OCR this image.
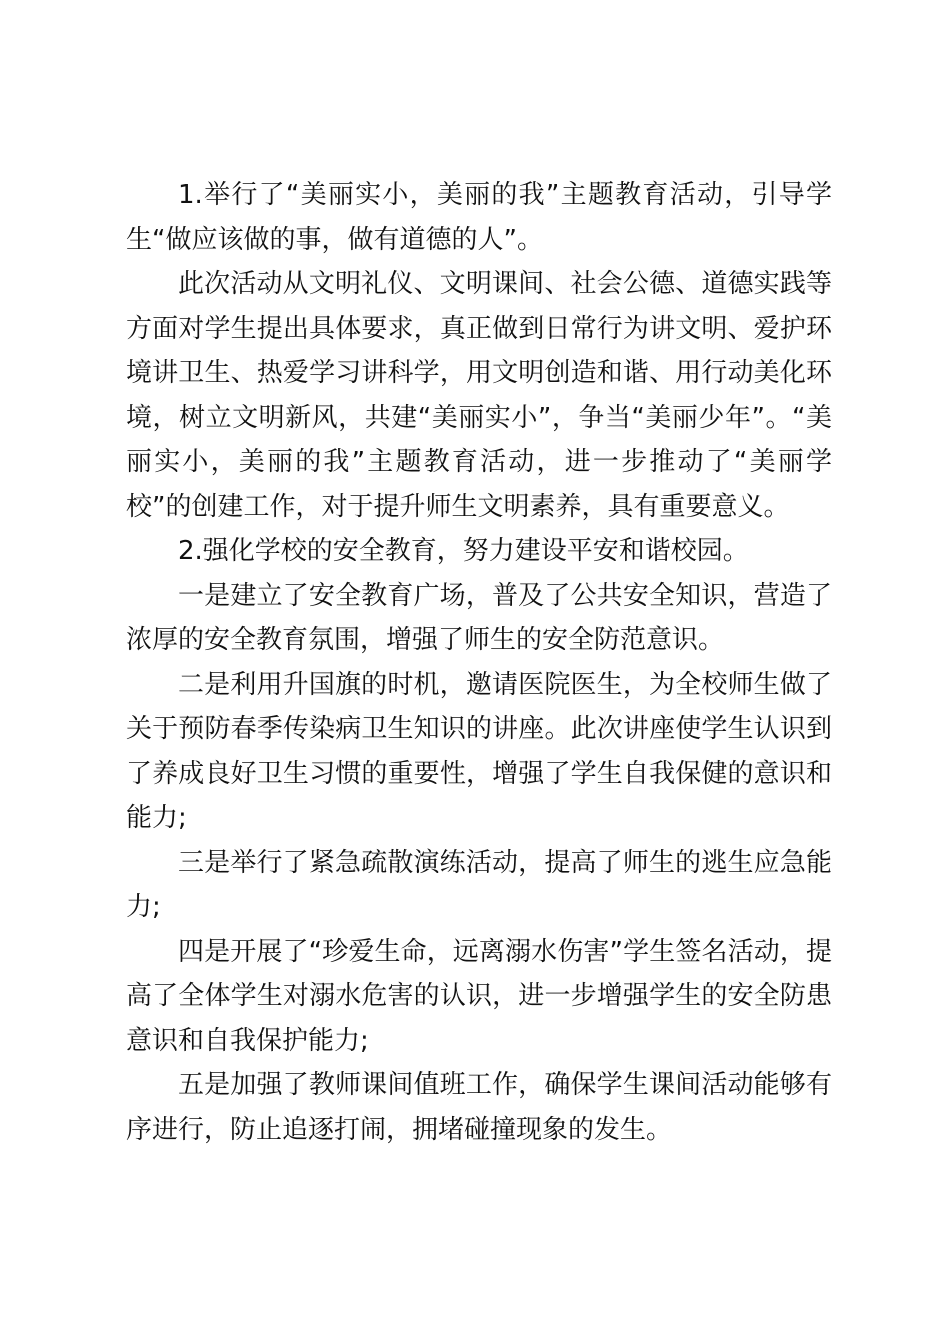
1.举行了“美丽实小，美丽的我”主题教育活动，引导学生“做应该做的事，做有道德的人”。

此次活动从文明礼仪、文明课间、社会公德、道德实践等方面对学生提出具体要求，真正做到日常行为讲文明、爱护环境讲卫生、热爱学习讲科学，用文明创造和谐、用行动美化环境，树立文明新风，共建“美丽实小”，争当“美丽少年”。“美丽实小，美丽的我”主题教育活动，进一步推动了“美丽学校”的创建工作，对于提升师生文明素养，具有重要意义。

2.强化学校的安全教育，努力建设平安和谐校园。

一是建立了安全教育广场，普及了公共安全知识，营造了浓厚的安全教育氛围，增强了师生的安全防范意识。

二是利用升国旗的时机，邀请医院医生，为全校师生做了关于预防春季传染病卫生知识的讲座。此次讲座使学生认识到了养成良好卫生习惯的重要性，增强了学生自我保健的意识和能力;

三是举行了紧急疏散演练活动，提高了师生的逃生应急能力;

四是开展了“珍爱生命，远离溺水伤害”学生签名活动，提高了全体学生对溺水危害的认识，进一步增强学生的安全防患意识和自我保护能力;

五是加强了教师课间值班工作，确保学生课间活动能够有序进行，防止追逐打闹，拥堵碰撞现象的发生。
